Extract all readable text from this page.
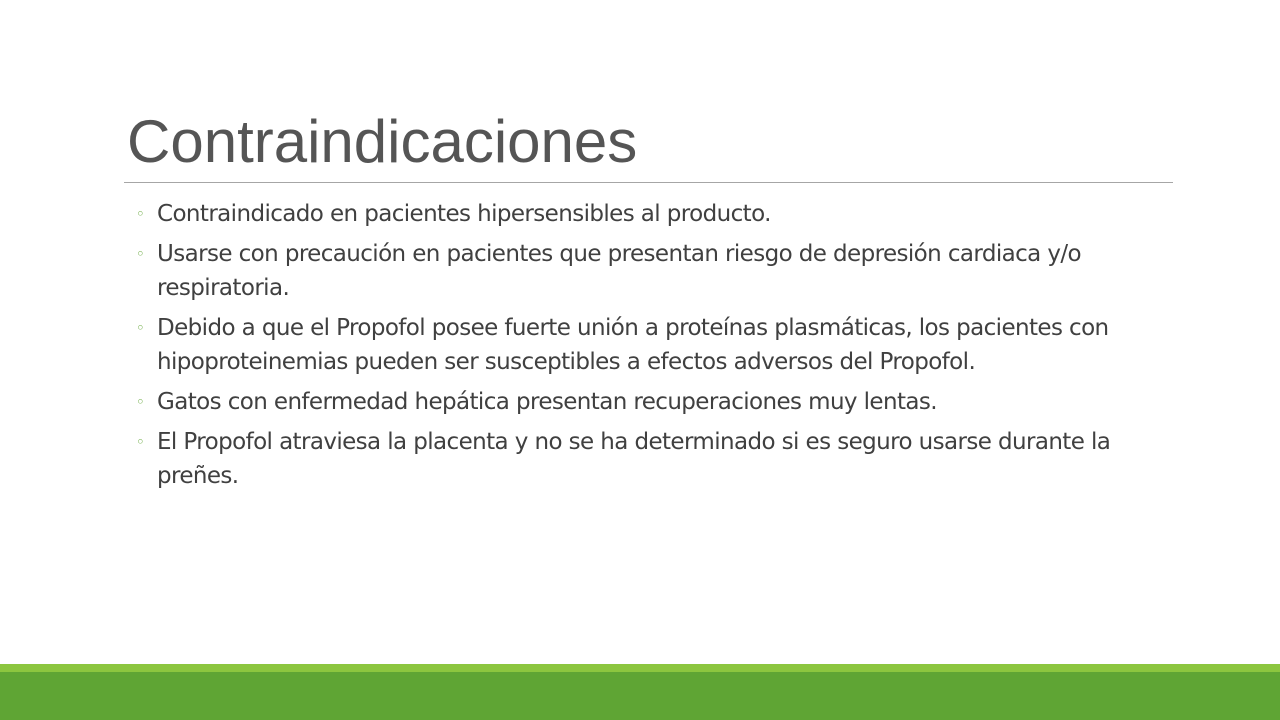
Contraindicaciones
◦ Contraindicado en pacientes hipersensibles al producto.
◦ Usarse con precaución en pacientes que presentan riesgo de depresión cardiaca y/o respiratoria.
◦ Debido a que el Propofol posee fuerte unión a proteínas plasmáticas, los pacientes con hipoproteinemias pueden ser susceptibles a efectos adversos del Propofol.
◦ Gatos con enfermedad hepática presentan recuperaciones muy lentas.
◦ El Propofol atraviesa la placenta y no se ha determinado si es seguro usarse durante la preñes.
